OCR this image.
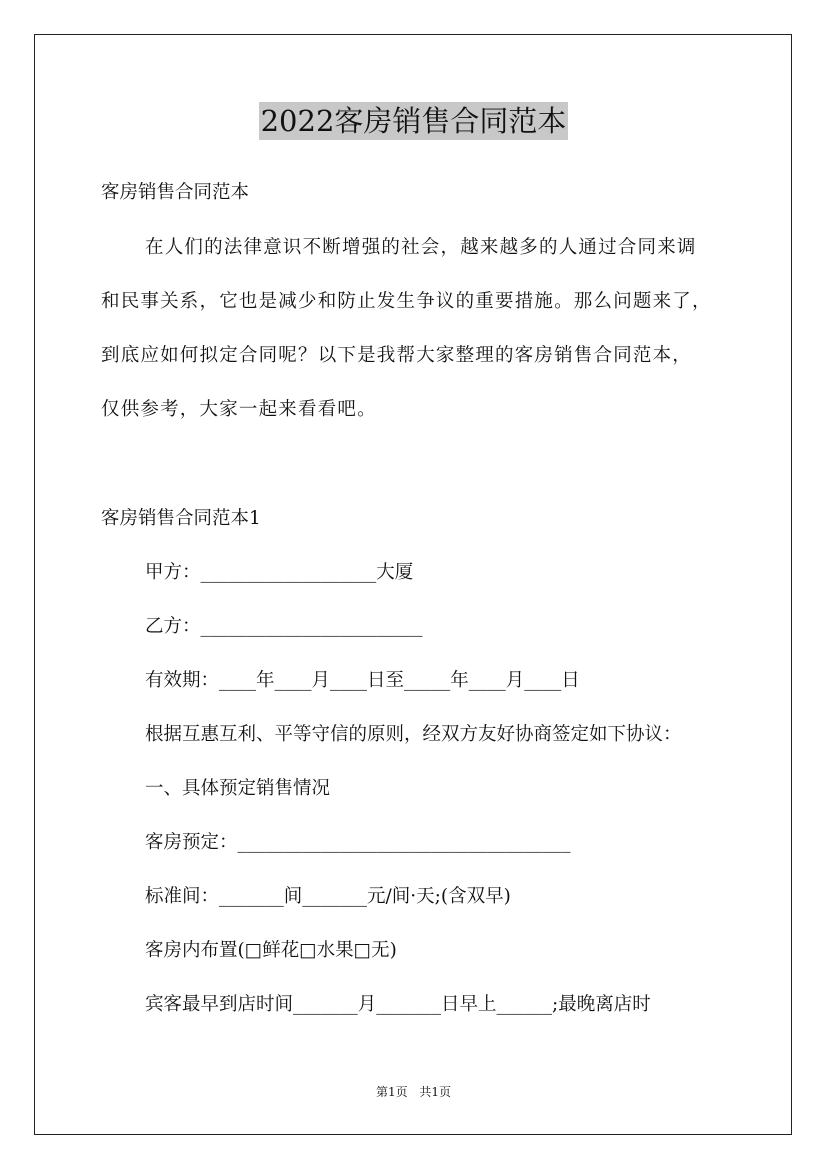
2022客房销售合同范本
客房销售合同范本
在人们的法律意识不断增强的社会，越来越多的人通过合同来调
和民事关系，它也是减少和防止发生争议的重要措施。那么问题来了，
到底应如何拟定合同呢？以下是我帮大家整理的客房销售合同范本，
仅供参考，大家一起来看看吧。
客房销售合同范本1
甲方：___________________大厦
乙方：________________________
有效期：____年____月____日至_____年____月____日
根据互惠互利、平等守信的原则，经双方友好协商签定如下协议：
一、具体预定销售情况
客房预定：____________________________________
标准间：_______间_______元/间·天;(含双早)
客房内布置(□鲜花□水果□无)
宾客最早到店时间_______月_______日早上______;最晚离店时
第1页 共1页
